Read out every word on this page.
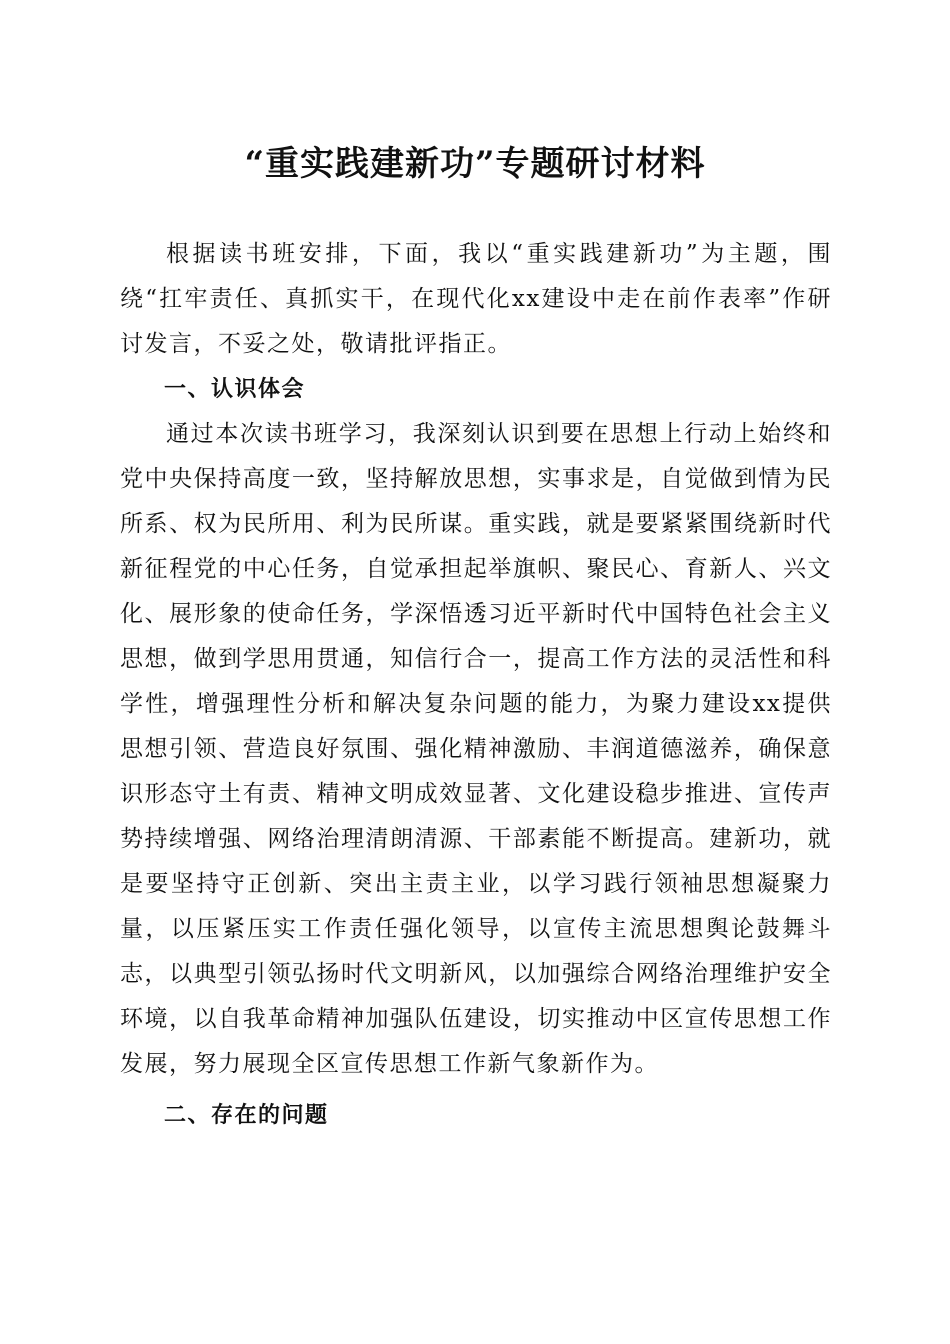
“重实践建新功”专题研讨材料

根据读书班安排，下面，我以“重实践建新功”为主题，围绕“扛牢责任、真抓实干，在现代化xx建设中走在前作表率”作研讨发言，不妥之处，敬请批评指正。

一、认识体会

通过本次读书班学习，我深刻认识到要在思想上行动上始终和党中央保持高度一致，坚持解放思想，实事求是，自觉做到情为民所系、权为民所用、利为民所谋。重实践，就是要紧紧围绕新时代新征程党的中心任务，自觉承担起举旗帜、聚民心、育新人、兴文化、展形象的使命任务，学深悟透习近平新时代中国特色社会主义思想，做到学思用贯通，知信行合一，提高工作方法的灵活性和科学性，增强理性分析和解决复杂问题的能力，为聚力建设xx提供思想引领、营造良好氛围、强化精神激励、丰润道德滋养，确保意识形态守土有责、精神文明成效显著、文化建设稳步推进、宣传声势持续增强、网络治理清朗清源、干部素能不断提高。建新功，就是要坚持守正创新、突出主责主业，以学习践行领袖思想凝聚力量，以压紧压实工作责任强化领导，以宣传主流思想舆论鼓舞斗志，以典型引领弘扬时代文明新风，以加强综合网络治理维护安全环境，以自我革命精神加强队伍建设，切实推动中区宣传思想工作发展，努力展现全区宣传思想工作新气象新作为。

二、存在的问题
